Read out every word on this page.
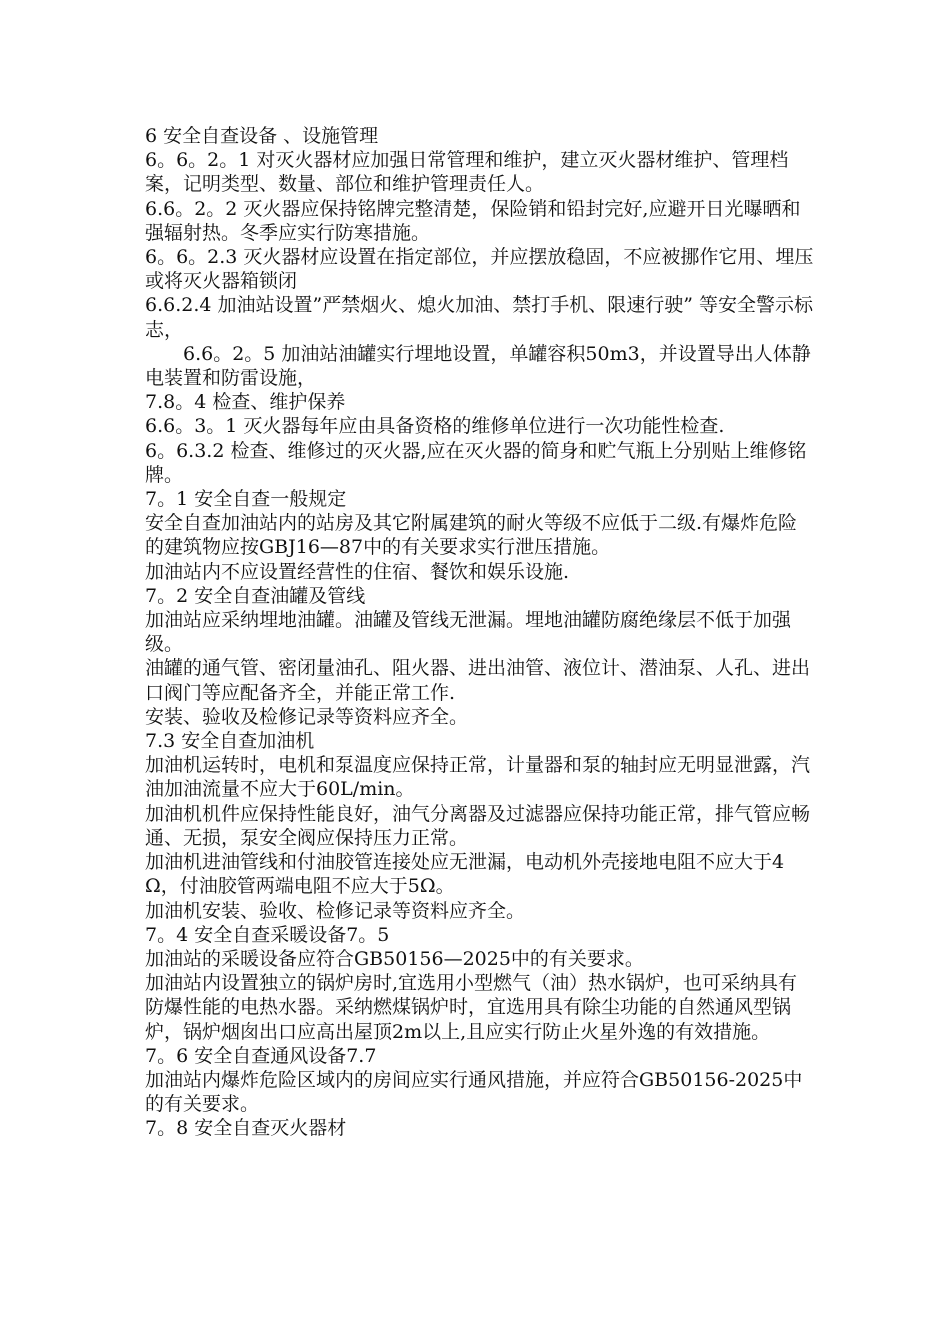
6 安全自查设备 、设施管理

6。6。2。1 对灭火器材应加强日常管理和维护，建立灭火器材维护、管理档案，记明类型、数量、部位和维护管理责任人。

6.6。2。2 灭火器应保持铭牌完整清楚，保险销和铅封完好,应避开日光曝晒和强辐射热。冬季应实行防寒措施。

6。6。2.3 灭火器材应设置在指定部位，并应摆放稳固，不应被挪作它用、埋压或将灭火器箱锁闭

6.6.2.4 加油站设置”严禁烟火、熄火加油、禁打手机、限速行驶” 等安全警示标志，

6.6。2。5 加油站油罐实行埋地设置，单罐容积50m3，并设置导出人体静电装置和防雷设施，

7.8。4 检查、维护保养

6.6。3。1 灭火器每年应由具备资格的维修单位进行一次功能性检查.

6。6.3.2 检查、维修过的灭火器,应在灭火器的简身和贮气瓶上分别贴上维修铭牌。

7。1 安全自查一般规定

安全自查加油站内的站房及其它附属建筑的耐火等级不应低于二级.有爆炸危险的建筑物应按GBJ16—87中的有关要求实行泄压措施。

加油站内不应设置经营性的住宿、餐饮和娱乐设施.

7。2 安全自查油罐及管线

加油站应采纳埋地油罐。油罐及管线无泄漏。埋地油罐防腐绝缘层不低于加强级。

油罐的通气管、密闭量油孔、阻火器、进出油管、液位计、潜油泵、人孔、进出口阀门等应配备齐全，并能正常工作.

安装、验收及检修记录等资料应齐全。

7.3 安全自查加油机

加油机运转时，电机和泵温度应保持正常，计量器和泵的轴封应无明显泄露，汽油加油流量不应大于60L/min。

加油机机件应保持性能良好，油气分离器及过滤器应保持功能正常，排气管应畅通、无损，泵安全阀应保持压力正常。

加油机进油管线和付油胶管连接处应无泄漏，电动机外壳接地电阻不应大于4Ω，付油胶管两端电阻不应大于5Ω。

加油机安装、验收、检修记录等资料应齐全。

7。4 安全自查采暖设备7。5

加油站的采暖设备应符合GB50156—2025中的有关要求。

加油站内设置独立的锅炉房时,宜选用小型燃气（油）热水锅炉，也可采纳具有防爆性能的电热水器。采纳燃煤锅炉时，宜选用具有除尘功能的自然通风型锅炉，锅炉烟囱出口应高出屋顶2m以上,且应实行防止火星外逸的有效措施。

7。6 安全自查通风设备7.7

加油站内爆炸危险区域内的房间应实行通风措施，并应符合GB50156-2025中的有关要求。

7。8 安全自查灭火器材
